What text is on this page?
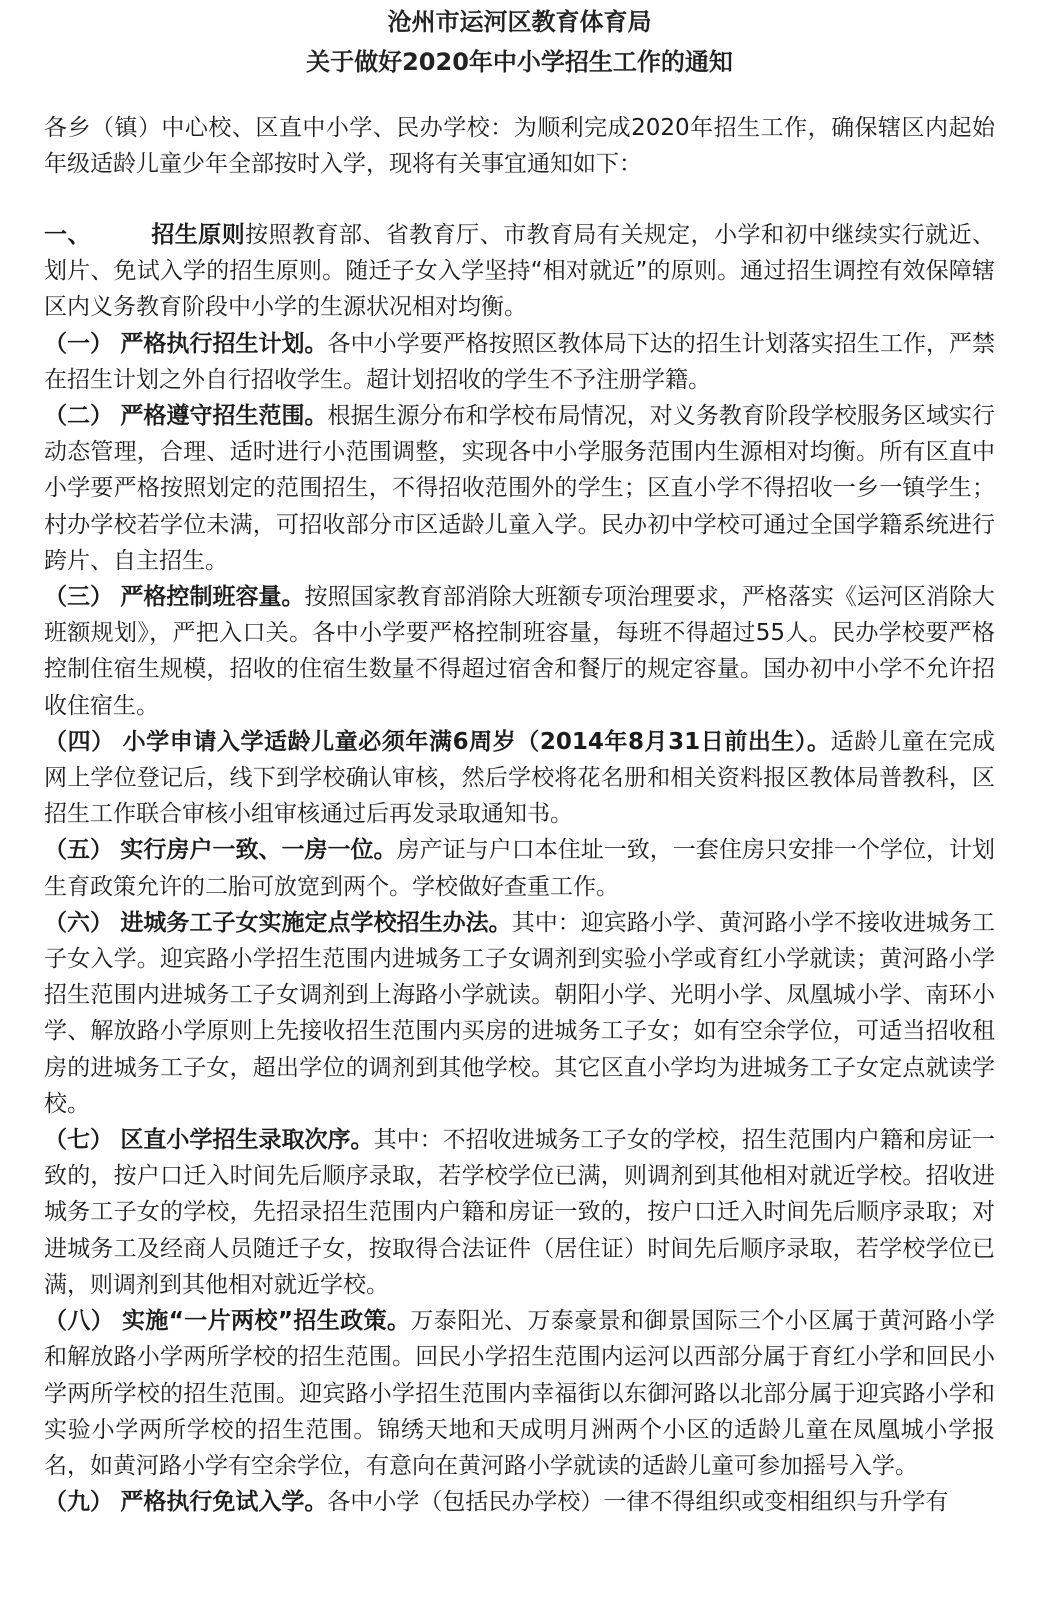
沧州市运河区教育体育局
关于做好2020年中小学招生工作的通知

各乡（镇）中心校、区直中小学、民办学校：为顺利完成2020年招生工作，确保辖区内起始年级适龄儿童少年全部按时入学，现将有关事宜通知如下：

一、	招生原则按照教育部、省教育厅、市教育局有关规定，小学和初中继续实行就近、划片、免试入学的招生原则。随迁子女入学坚持“相对就近”的原则。通过招生调控有效保障辖区内义务教育阶段中小学的生源状况相对均衡。

（一） 严格执行招生计划。各中小学要严格按照区教体局下达的招生计划落实招生工作，严禁在招生计划之外自行招收学生。超计划招收的学生不予注册学籍。

（二） 严格遵守招生范围。根据生源分布和学校布局情况，对义务教育阶段学校服务区域实行动态管理，合理、适时进行小范围调整，实现各中小学服务范围内生源相对均衡。所有区直中小学要严格按照划定的范围招生，不得招收范围外的学生；区直小学不得招收一乡一镇学生；村办学校若学位未满，可招收部分市区适龄儿童入学。民办初中学校可通过全国学籍系统进行跨片、自主招生。

（三） 严格控制班容量。按照国家教育部消除大班额专项治理要求，严格落实《运河区消除大班额规划》，严把入口关。各中小学要严格控制班容量，每班不得超过55人。民办学校要严格控制住宿生规模，招收的住宿生数量不得超过宿舍和餐厅的规定容量。国办初中小学不允许招收住宿生。

（四） 小学申请入学适龄儿童必须年满6周岁（2014年8月31日前出生）。适龄儿童在完成网上学位登记后，线下到学校确认审核，然后学校将花名册和相关资料报区教体局普教科，区招生工作联合审核小组审核通过后再发录取通知书。

（五） 实行房户一致、一房一位。房产证与户口本住址一致，一套住房只安排一个学位，计划生育政策允许的二胎可放宽到两个。学校做好查重工作。

（六） 进城务工子女实施定点学校招生办法。其中：迎宾路小学、黄河路小学不接收进城务工子女入学。迎宾路小学招生范围内进城务工子女调剂到实验小学或育红小学就读；黄河路小学招生范围内进城务工子女调剂到上海路小学就读。朝阳小学、光明小学、凤凰城小学、南环小学、解放路小学原则上先接收招生范围内买房的进城务工子女；如有空余学位，可适当招收租房的进城务工子女，超出学位的调剂到其他学校。其它区直小学均为进城务工子女定点就读学校。

（七） 区直小学招生录取次序。其中：不招收进城务工子女的学校，招生范围内户籍和房证一致的，按户口迁入时间先后顺序录取，若学校学位已满，则调剂到其他相对就近学校。招收进城务工子女的学校，先招录招生范围内户籍和房证一致的，按户口迁入时间先后顺序录取；对进城务工及经商人员随迁子女，按取得合法证件（居住证）时间先后顺序录取，若学校学位已满，则调剂到其他相对就近学校。

（八） 实施“一片两校”招生政策。万泰阳光、万泰豪景和御景国际三个小区属于黄河路小学和解放路小学两所学校的招生范围。回民小学招生范围内运河以西部分属于育红小学和回民小学两所学校的招生范围。迎宾路小学招生范围内幸福街以东御河路以北部分属于迎宾路小学和实验小学两所学校的招生范围。锦绣天地和天成明月洲两个小区的适龄儿童在凤凰城小学报名，如黄河路小学有空余学位，有意向在黄河路小学就读的适龄儿童可参加摇号入学。

（九） 严格执行免试入学。各中小学（包括民办学校）一律不得组织或变相组织与升学有
